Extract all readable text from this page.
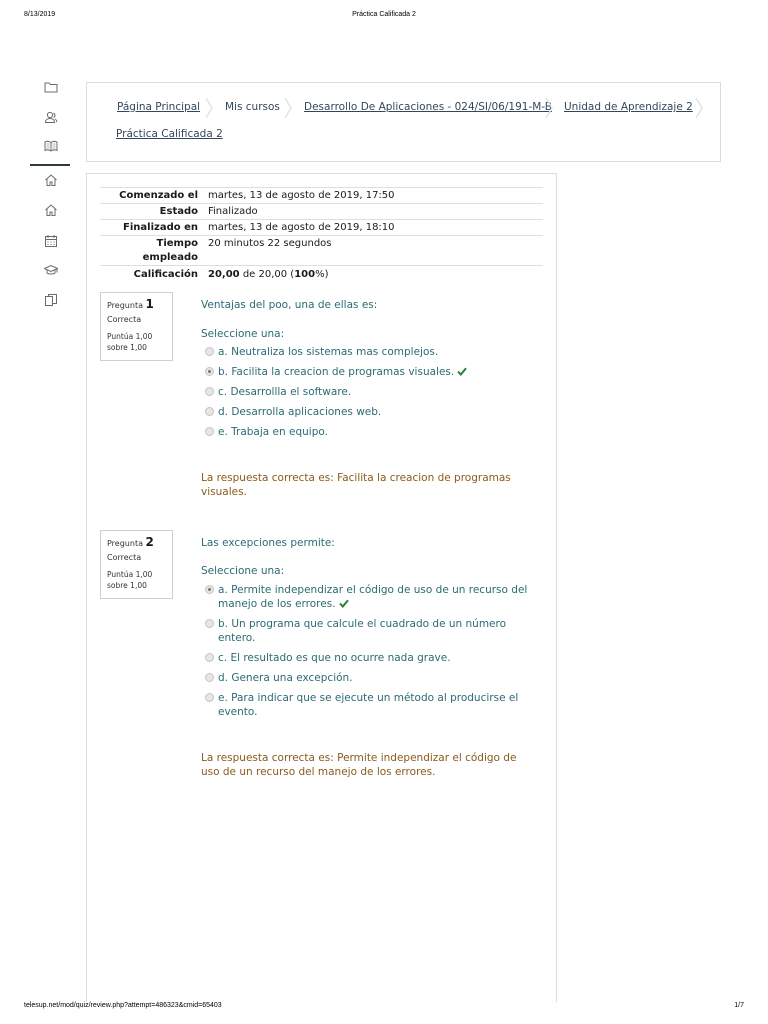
8/13/2019	Práctica Calificada 2
Página Principal Mis cursos Desarrollo De Aplicaciones - 024/SI/06/191-M-B Unidad de Aprendizaje 2
Práctica Calificada 2
Comenzado el martes, 13 de agosto de 2019, 17:50
Estado Finalizado
Finalizado en martes, 13 de agosto de 2019, 18:10
Tiempo
empleado
20 minutos 22 segundos
Calificación 20,00 de 20,00 (100%)
Pregunta 1
Correcta
Puntúa 1,00
sobre 1,00
Ventajas del poo, una de ellas es:
Seleccione una:
a. Neutraliza los sistemas mas complejos.
b. Facilita la creacion de programas visuales.
c. Desarrollla el software.
d. Desarrolla aplicaciones web.
e. Trabaja en equipo.
La respuesta correcta es: Facilita la creacion de programas visuales.
Pregunta 2
Correcta
Puntúa 1,00
sobre 1,00
Las excepciones permite:
Seleccione una:
a. Permite independizar el código de uso de un recurso del manejo de los errores.
b. Un programa que calcule el cuadrado de un número entero.
c. El resultado es que no ocurre nada grave.
d. Genera una excepción.
e. Para indicar que se ejecute un método al producirse el evento.
La respuesta correcta es: Permite independizar el código de uso de un recurso del manejo de los errores.
telesup.net/mod/quiz/review.php?attempt=486323&cmid=65403	1/7
